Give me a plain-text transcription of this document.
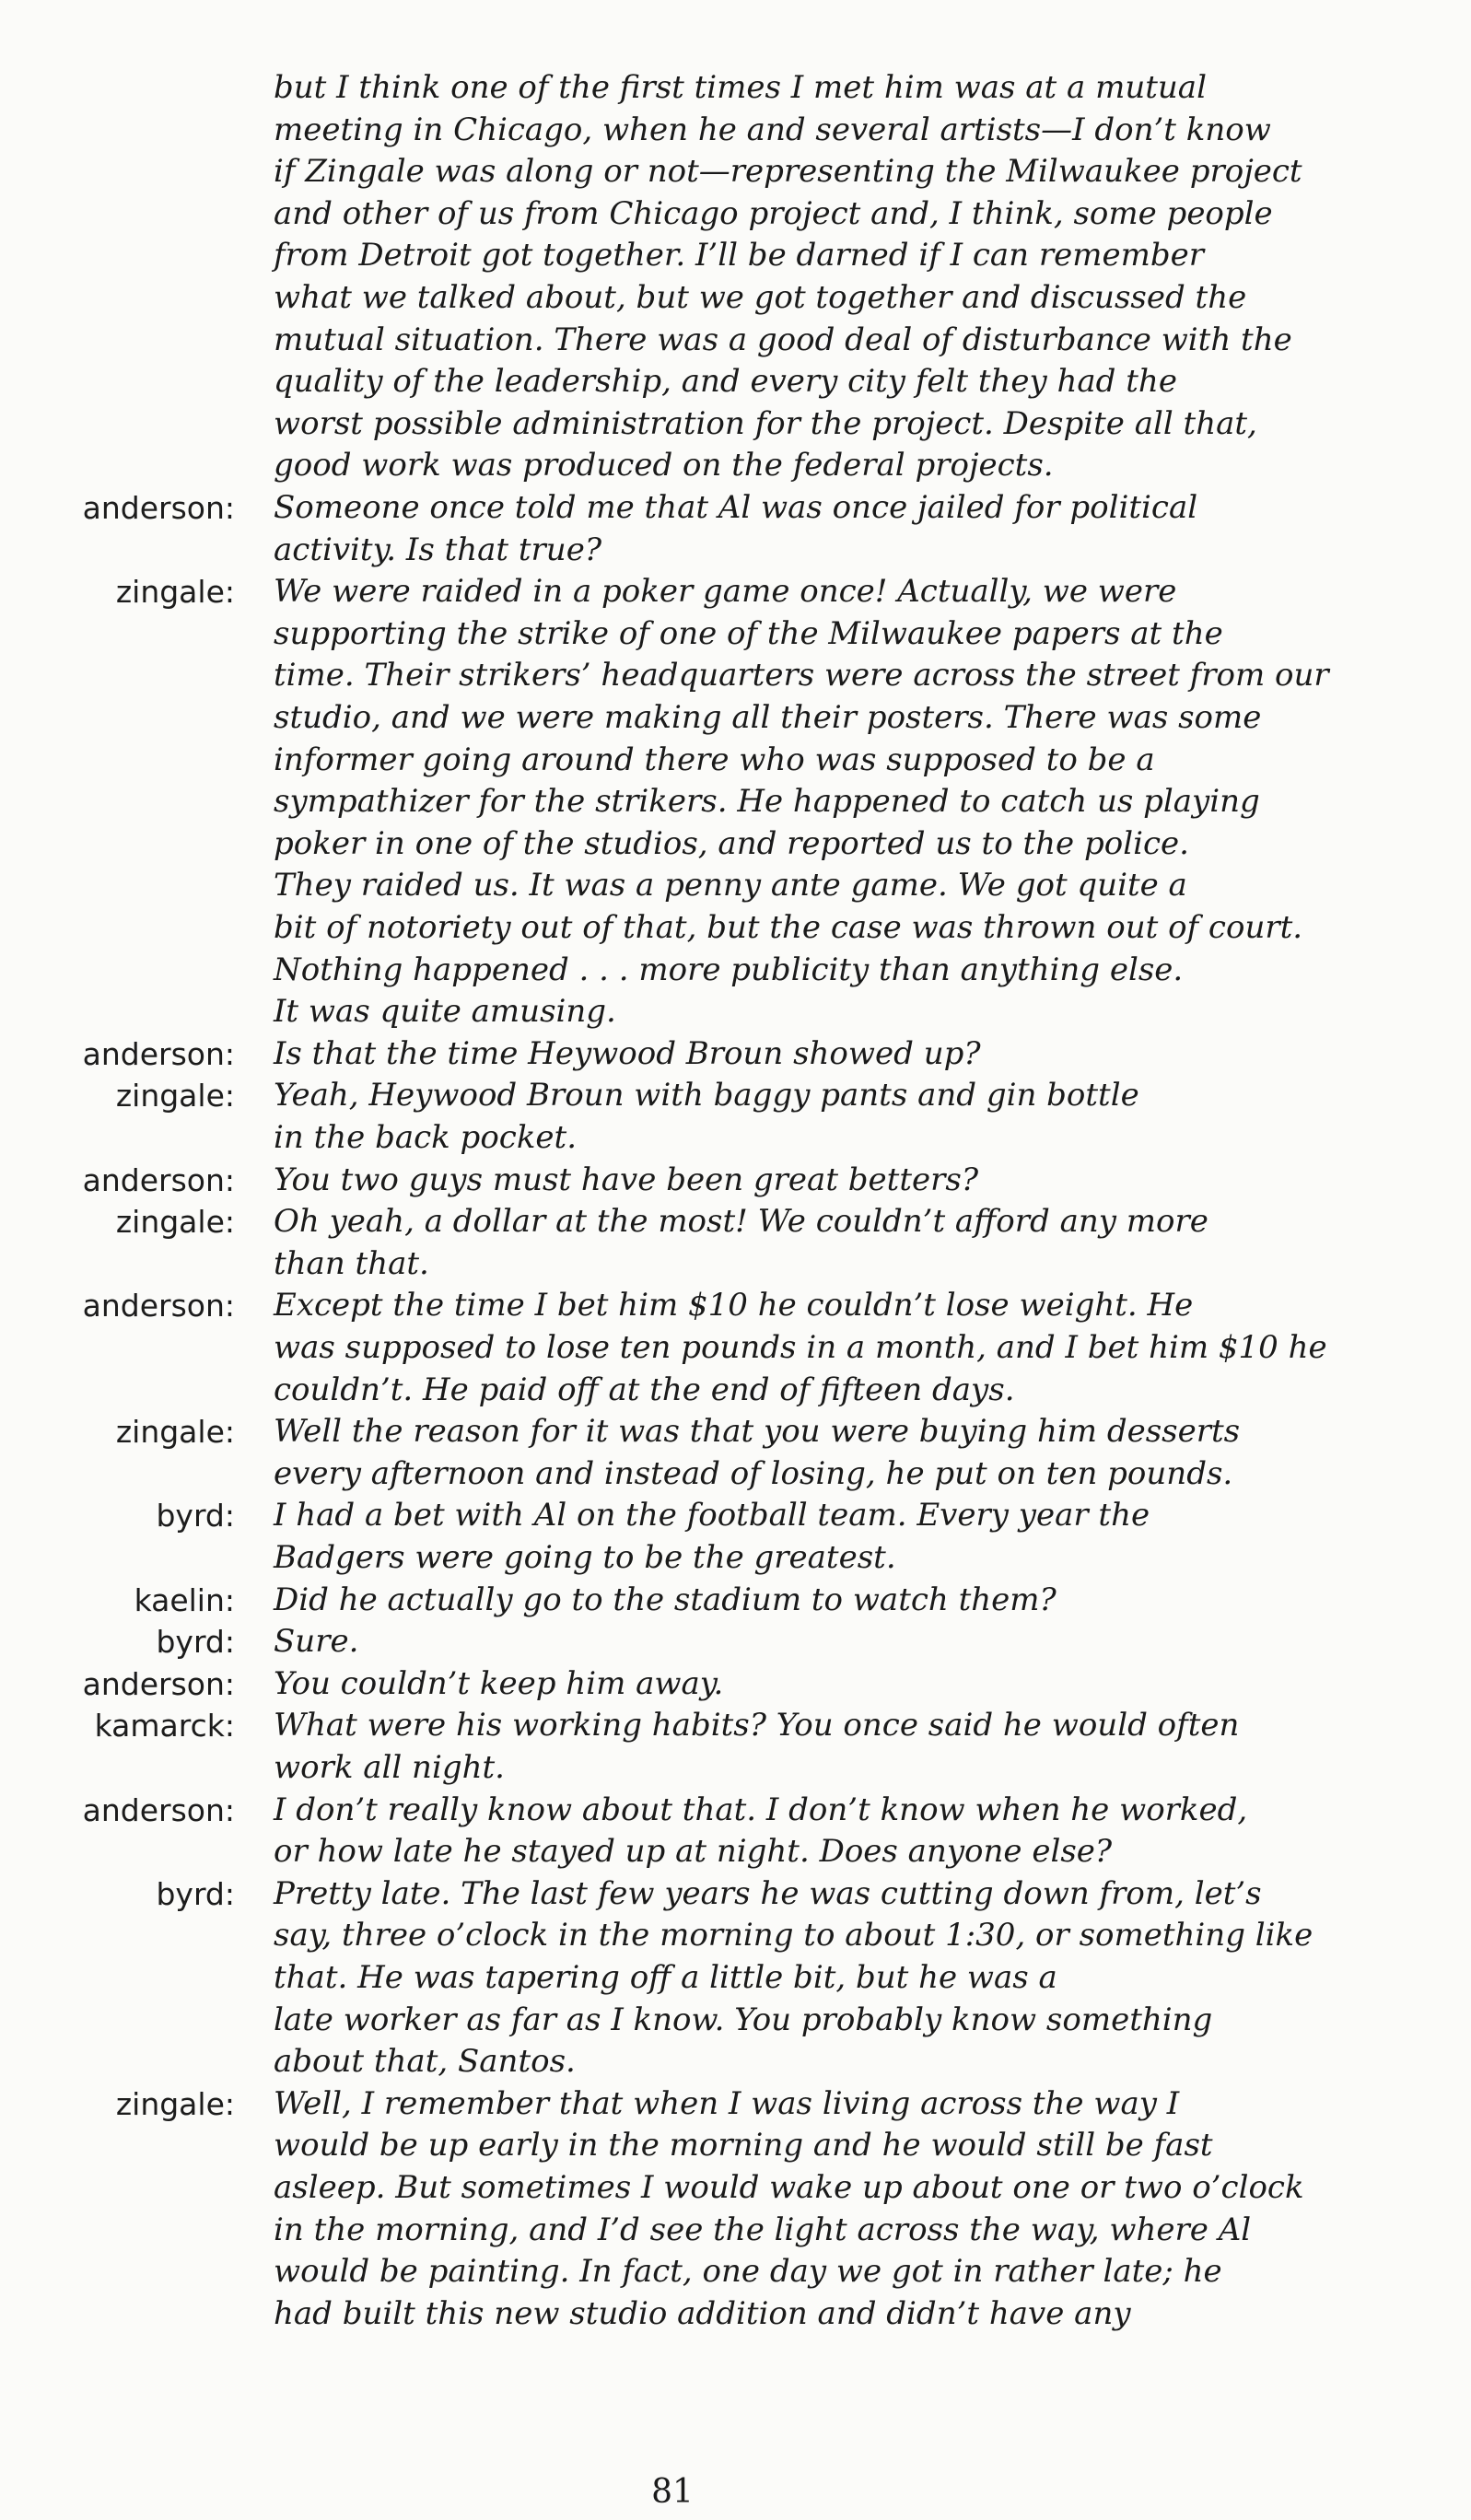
but I think one of the first times I met him was at a mutual
meeting in Chicago, when he and several artists—I don’t know
if Zingale was along or not—representing the Milwaukee project
and other of us from Chicago project and, I think, some people
from Detroit got together. I’ll be darned if I can remember
what we talked about, but we got together and discussed the
mutual situation. There was a good deal of disturbance with the
quality of the leadership, and every city felt they had the
worst possible administration for the project. Despite all that,
good work was produced on the federal projects.
anderson: Someone once told me that Al was once jailed for political
activity. Is that true?
zingale: We were raided in a poker game once! Actually, we were
supporting the strike of one of the Milwaukee papers at the
time. Their strikers’ headquarters were across the street from our
studio, and we were making all their posters. There was some
informer going around there who was supposed to be a
sympathizer for the strikers. He happened to catch us playing
poker in one of the studios, and reported us to the police.
They raided us. It was a penny ante game. We got quite a
bit of notoriety out of that, but the case was thrown out of court.
Nothing happened . . . more publicity than anything else.
It was quite amusing.
anderson: Is that the time Heywood Broun showed up?
zingale: Yeah, Heywood Broun with baggy pants and gin bottle
in the back pocket.
anderson: You two guys must have been great betters?
zingale: Oh yeah, a dollar at the most! We couldn’t afford any more
than that.
anderson: Except the time I bet him $10 he couldn’t lose weight. He
was supposed to lose ten pounds in a month, and I bet him $10 he
couldn’t. He paid off at the end of fifteen days.
zingale: Well the reason for it was that you were buying him desserts
every afternoon and instead of losing, he put on ten pounds.
byrd: I had a bet with Al on the football team. Every year the
Badgers were going to be the greatest.
kaelin: Did he actually go to the stadium to watch them?
byrd: Sure.
anderson: You couldn’t keep him away.
kamarck: What were his working habits? You once said he would often
work all night.
anderson: I don’t really know about that. I don’t know when he worked,
or how late he stayed up at night. Does anyone else?
byrd: Pretty late. The last few years he was cutting down from, let’s
say, three o’clock in the morning to about 1:30, or something like
that. He was tapering off a little bit, but he was a
late worker as far as I know. You probably know something
about that, Santos.
zingale: Well, I remember that when I was living across the way I
would be up early in the morning and he would still be fast
asleep. But sometimes I would wake up about one or two o’clock
in the morning, and I’d see the light across the way, where Al
would be painting. In fact, one day we got in rather late; he
had built this new studio addition and didn’t have any
81
